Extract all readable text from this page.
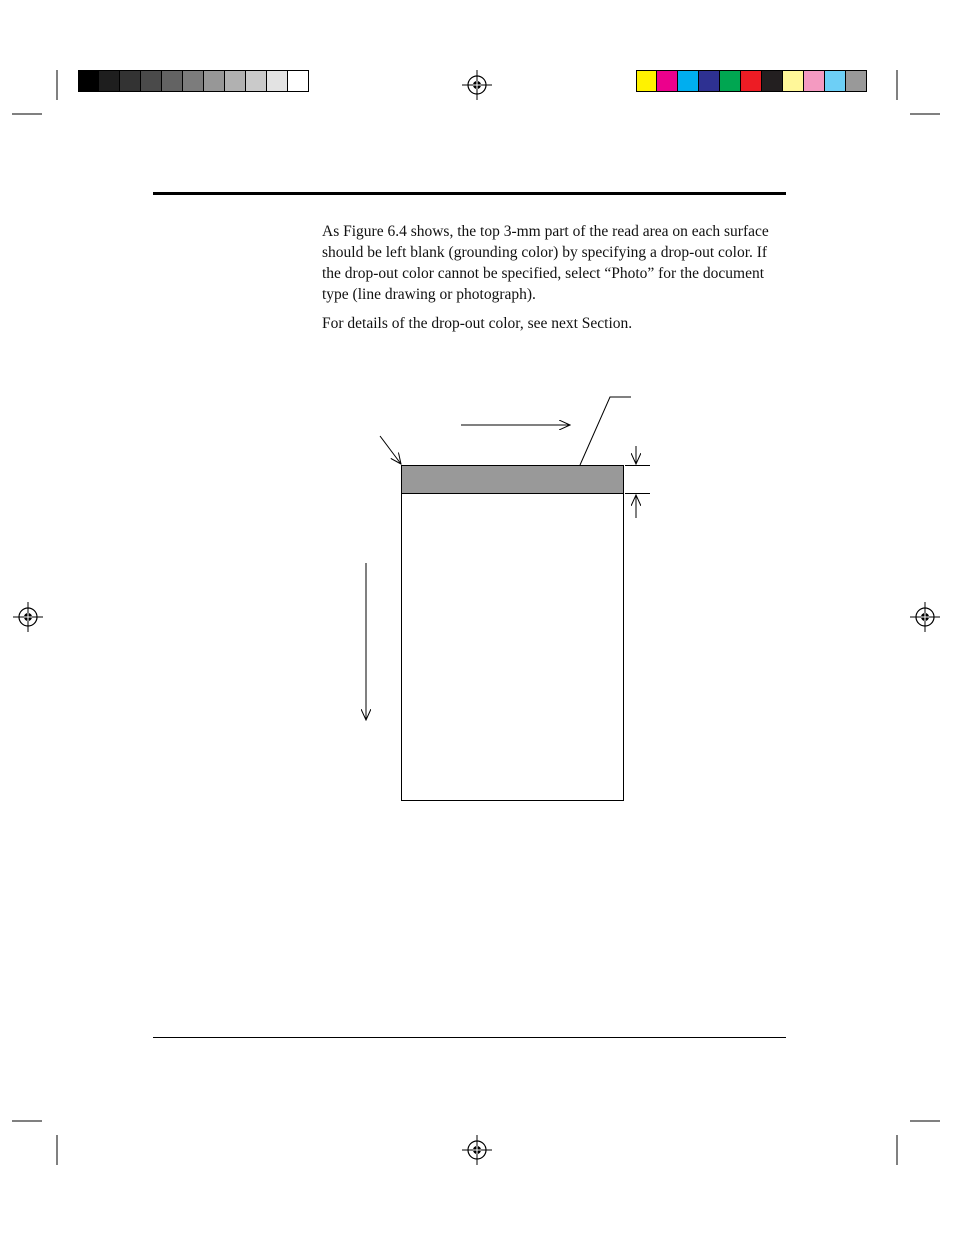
As Figure 6.4 shows, the top 3-mm part of the read area on each surface should be left blank (grounding color) by specifying a drop-out color. If the drop-out color cannot be specified, select “Photo” for the document type (line drawing or photograph).

For details of the drop-out color, see next Section.
